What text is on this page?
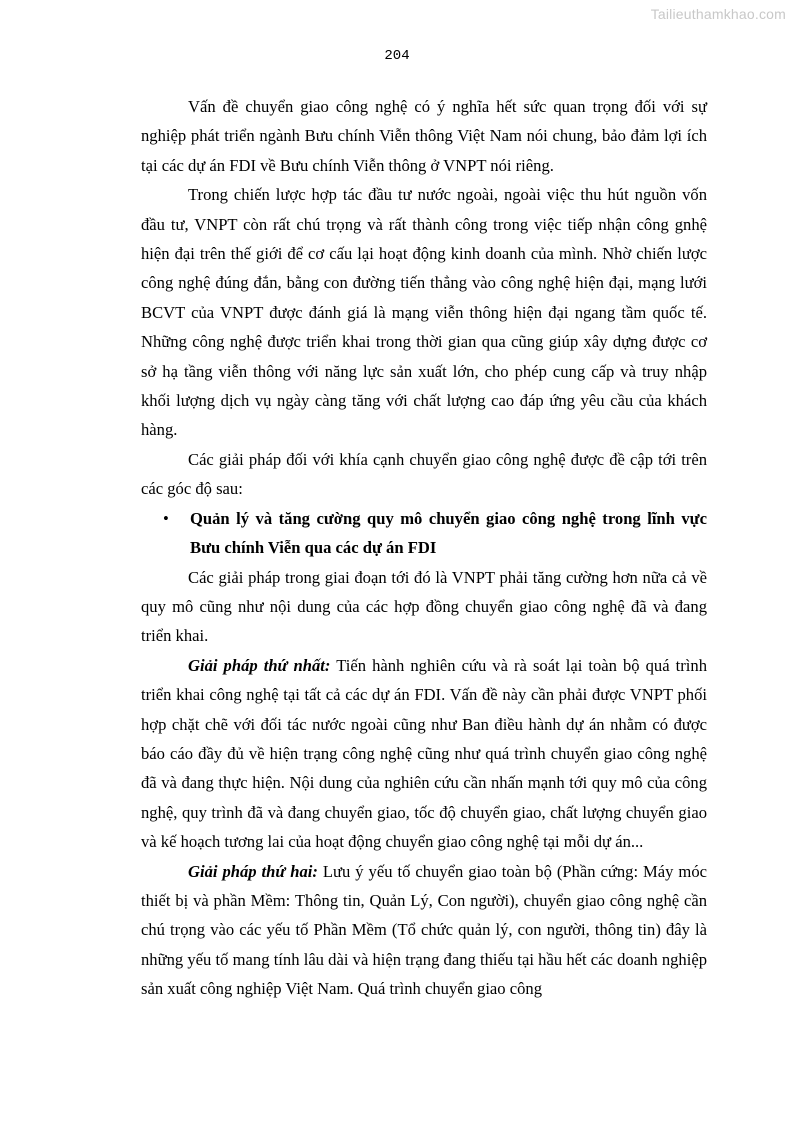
Tailieuthamkhao.com
204

Vấn đề chuyển giao công nghệ có ý nghĩa hết sức quan trọng đối với sự nghiệp phát triển ngành Bưu chính Viễn thông Việt Nam nói chung, bảo đảm lợi ích tại các dự án FDI về Bưu chính Viễn thông ở VNPT nói riêng.

Trong chiến lược hợp tác đầu tư nước ngoài, ngoài việc thu hút nguồn vốn đầu tư, VNPT còn rất chú trọng và rất thành công trong việc tiếp nhận công gnhệ hiện đại trên thế giới để cơ cấu lại hoạt động kinh doanh của mình. Nhờ chiến lược công nghệ đúng đắn, bằng con đường tiến thẳng vào công nghệ hiện đại, mạng lưới BCVT của VNPT được đánh giá là mạng viễn thông hiện đại ngang tầm quốc tế. Những công nghệ được triển khai trong thời gian qua cũng giúp xây dựng được cơ sở hạ tầng viễn thông với năng lực sản xuất lớn, cho phép cung cấp và truy nhập khối lượng dịch vụ ngày càng tăng với chất lượng cao đáp ứng yêu cầu của khách hàng.

Các giải pháp đối với khía cạnh chuyển giao công nghệ được đề cập tới trên các góc độ sau:

• Quản lý và tăng cường quy mô chuyển giao công nghệ trong lĩnh vực Bưu chính Viễn qua các dự án FDI

Các giải pháp trong giai đoạn tới đó là VNPT phải tăng cường hơn nữa cả về quy mô cũng như nội dung của các hợp đồng chuyển giao công nghệ đã và đang triển khai.

Giải pháp thứ nhất: Tiến hành nghiên cứu và rà soát lại toàn bộ quá trình triển khai công nghệ tại tất cả các dự án FDI. Vấn đề này cần phải được VNPT phối hợp chặt chẽ với đối tác nước ngoài cũng như Ban điều hành dự án nhằm có được báo cáo đầy đủ về hiện trạng công nghệ cũng như quá trình chuyển giao công nghệ đã và đang thực hiện. Nội dung của nghiên cứu cần nhấn mạnh tới quy mô của công nghệ, quy trình đã và đang chuyển giao, tốc độ chuyển giao, chất lượng chuyển giao và kế hoạch tương lai của hoạt động chuyển giao công nghệ tại mỗi dự án...

Giải pháp thứ hai: Lưu ý yếu tố chuyển giao toàn bộ (Phần cứng: Máy móc thiết bị và phần Mềm: Thông tin, Quản Lý, Con người), chuyển giao công nghệ cần chú trọng vào các yếu tố Phần Mềm (Tổ chức quản lý, con người, thông tin) đây là những yếu tố mang tính lâu dài và hiện trạng đang thiếu tại hầu hết các doanh nghiệp sản xuất công nghiệp Việt Nam. Quá trình chuyển giao công
